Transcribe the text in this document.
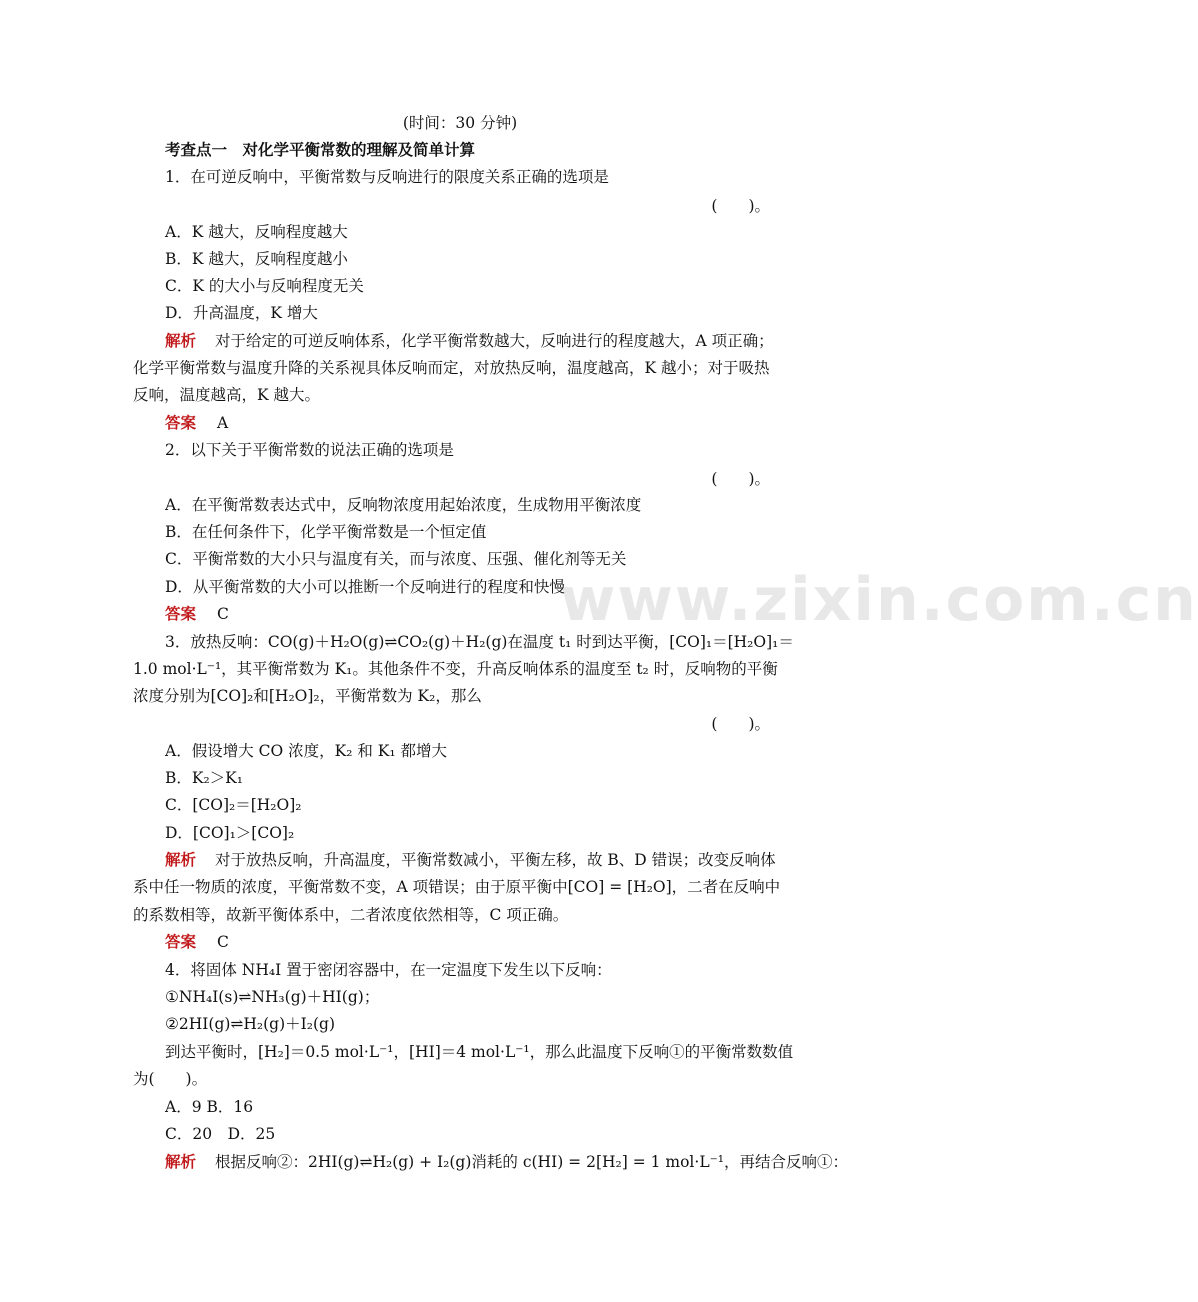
www.zixin.com.cn
(时间：30 分钟)
考查点一　对化学平衡常数的理解及简单计算
1．在可逆反响中，平衡常数与反响进行的限度关系正确的选项是
(　　)。
A．K 越大，反响程度越大
B．K 越大，反响程度越小
C．K 的大小与反响程度无关
D．升高温度，K 增大
解析 对于给定的可逆反响体系，化学平衡常数越大，反响进行的程度越大，A 项正确；
化学平衡常数与温度升降的关系视具体反响而定，对放热反响，温度越高，K 越小；对于吸热
反响，温度越高，K 越大。
答案 A
2．以下关于平衡常数的说法正确的选项是
(　　)。
A．在平衡常数表达式中，反响物浓度用起始浓度，生成物用平衡浓度
B．在任何条件下，化学平衡常数是一个恒定值
C．平衡常数的大小只与温度有关，而与浓度、压强、催化剂等无关
D．从平衡常数的大小可以推断一个反响进行的程度和快慢
答案 C
3．放热反响：CO(g)＋H₂O(g)⇌CO₂(g)＋H₂(g)在温度 t₁ 时到达平衡，[CO]₁＝[H₂O]₁＝
1.0 mol·L⁻¹，其平衡常数为 K₁。其他条件不变，升高反响体系的温度至 t₂ 时，反响物的平衡
浓度分别为[CO]₂和[H₂O]₂，平衡常数为 K₂，那么
(　　)。
A．假设增大 CO 浓度，K₂ 和 K₁ 都增大
B．K₂＞K₁
C．[CO]₂＝[H₂O]₂
D．[CO]₁＞[CO]₂
解析 对于放热反响，升高温度，平衡常数减小，平衡左移，故 B、D 错误；改变反响体
系中任一物质的浓度，平衡常数不变，A 项错误；由于原平衡中[CO] = [H₂O]，二者在反响中
的系数相等，故新平衡体系中，二者浓度依然相等，C 项正确。
答案 C
4．将固体 NH₄I 置于密闭容器中，在一定温度下发生以下反响：
①NH₄I(s)⇌NH₃(g)＋HI(g)；
②2HI(g)⇌H₂(g)＋I₂(g)
到达平衡时，[H₂]＝0.5 mol·L⁻¹，[HI]＝4 mol·L⁻¹，那么此温度下反响①的平衡常数数值
为(　　)。
A．9 B．16
C．20　D．25
解析 根据反响②：2HI(g)⇌H₂(g) + I₂(g)消耗的 c(HI) = 2[H₂] = 1 mol·L⁻¹，再结合反响①：
